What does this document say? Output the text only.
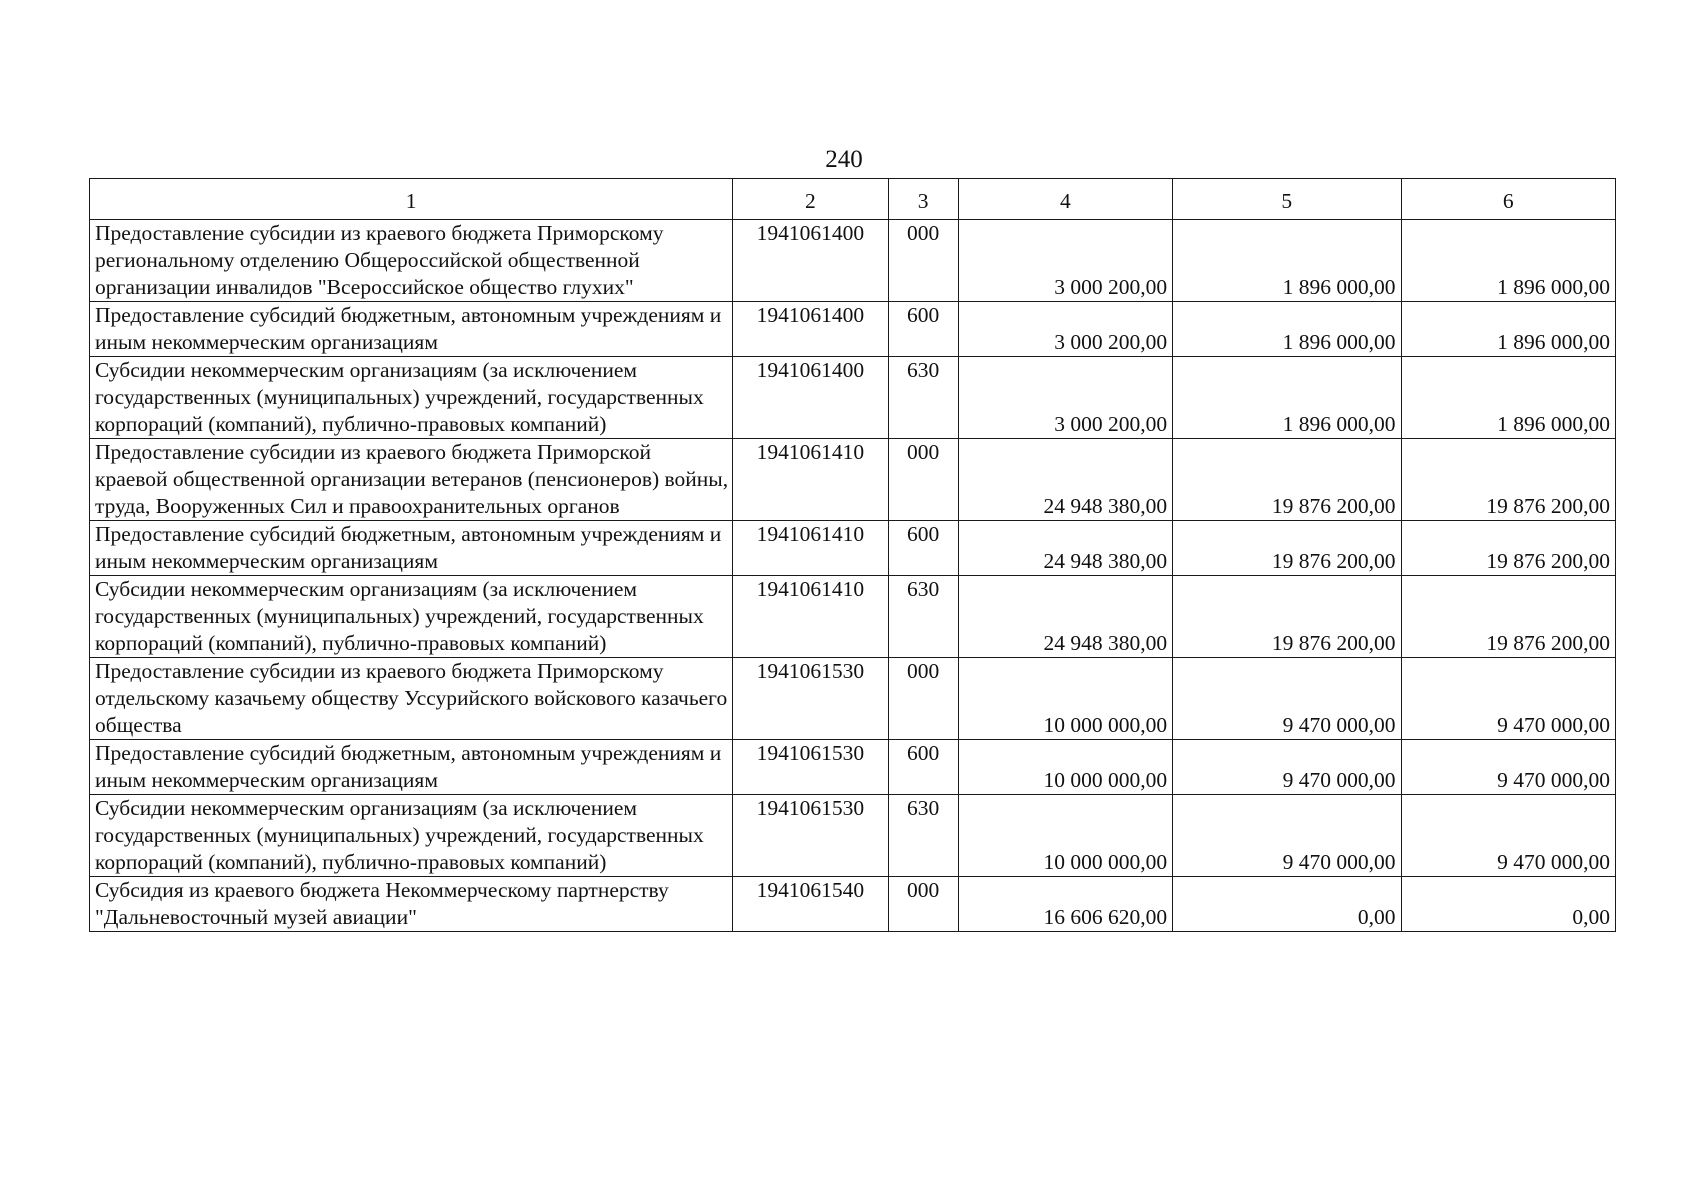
240
1	2	3	4	5	6
Предоставление субсидии из краевого бюджета Приморскому региональному отделению Общероссийской общественной организации инвалидов "Всероссийское общество глухих"	1941061400	000	3 000 200,00	1 896 000,00	1 896 000,00
Предоставление субсидий бюджетным, автономным учреждениям и иным некоммерческим организациям	1941061400	600	3 000 200,00	1 896 000,00	1 896 000,00
Субсидии некоммерческим организациям (за исключением государственных (муниципальных) учреждений, государственных корпораций (компаний), публично-правовых компаний)	1941061400	630	3 000 200,00	1 896 000,00	1 896 000,00
Предоставление субсидии из краевого бюджета Приморской краевой общественной организации ветеранов (пенсионеров) войны, труда, Вооруженных Сил и правоохранительных органов	1941061410	000	24 948 380,00	19 876 200,00	19 876 200,00
Предоставление субсидий бюджетным, автономным учреждениям и иным некоммерческим организациям	1941061410	600	24 948 380,00	19 876 200,00	19 876 200,00
Субсидии некоммерческим организациям (за исключением государственных (муниципальных) учреждений, государственных корпораций (компаний), публично-правовых компаний)	1941061410	630	24 948 380,00	19 876 200,00	19 876 200,00
Предоставление субсидии из краевого бюджета Приморскому отдельскому казачьему обществу Уссурийского войскового казачьего общества	1941061530	000	10 000 000,00	9 470 000,00	9 470 000,00
Предоставление субсидий бюджетным, автономным учреждениям и иным некоммерческим организациям	1941061530	600	10 000 000,00	9 470 000,00	9 470 000,00
Субсидии некоммерческим организациям (за исключением государственных (муниципальных) учреждений, государственных корпораций (компаний), публично-правовых компаний)	1941061530	630	10 000 000,00	9 470 000,00	9 470 000,00
Субсидия из краевого бюджета Некоммерческому партнерству "Дальневосточный музей авиации"	1941061540	000	16 606 620,00	0,00	0,00
